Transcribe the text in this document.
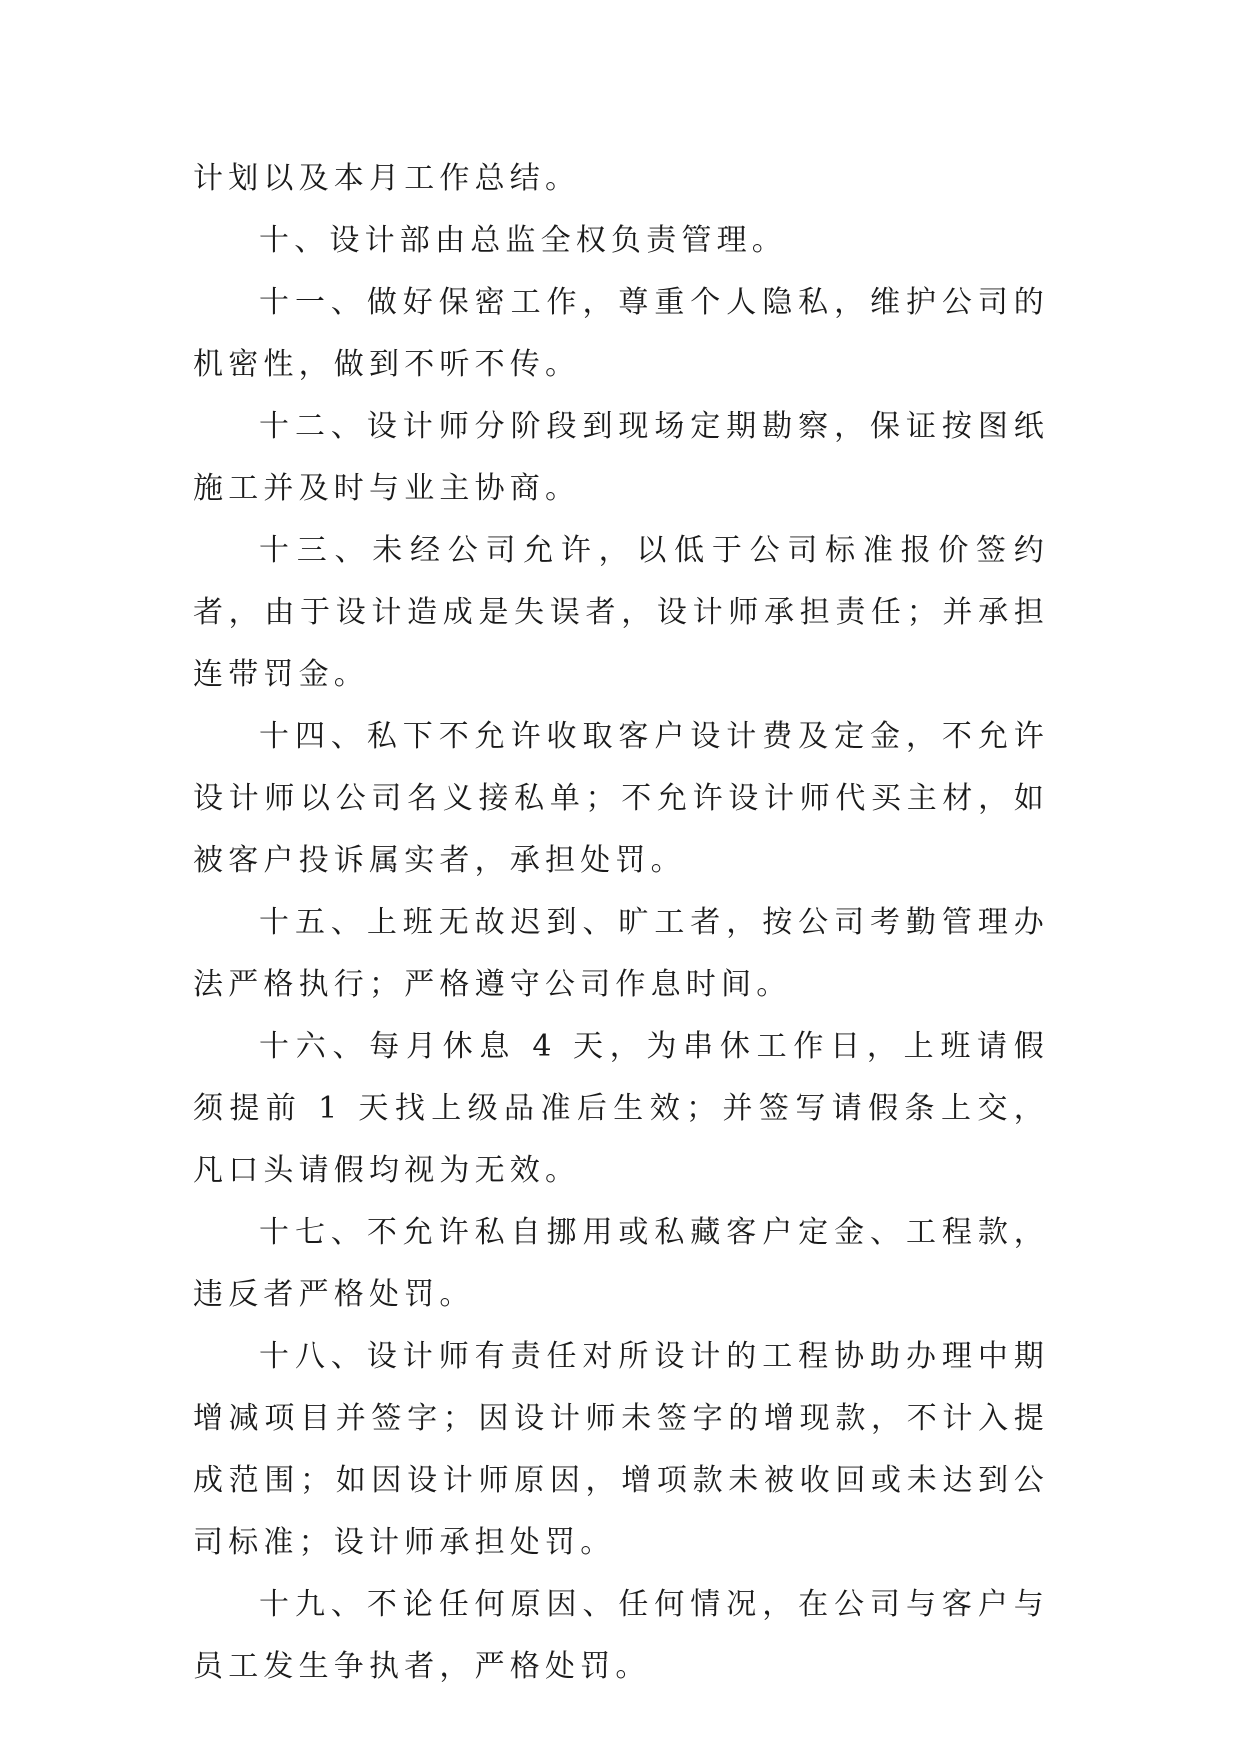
计划以及本月工作总结。

十、设计部由总监全权负责管理。

十一、做好保密工作，尊重个人隐私，维护公司的机密性，做到不听不传。

十二、设计师分阶段到现场定期勘察，保证按图纸施工并及时与业主协商。

十三、未经公司允许，以低于公司标准报价签约者，由于设计造成是失误者，设计师承担责任；并承担连带罚金。

十四、私下不允许收取客户设计费及定金，不允许设计师以公司名义接私单；不允许设计师代买主材，如被客户投诉属实者，承担处罚。

十五、上班无故迟到、旷工者，按公司考勤管理办法严格执行；严格遵守公司作息时间。

十六、每月休息 4 天，为串休工作日，上班请假须提前 1 天找上级品准后生效；并签写请假条上交，凡口头请假均视为无效。

十七、不允许私自挪用或私藏客户定金、工程款，违反者严格处罚。

十八、设计师有责任对所设计的工程协助办理中期增减项目并签字；因设计师未签字的增现款，不计入提成范围；如因设计师原因，增项款未被收回或未达到公司标准；设计师承担处罚。

十九、不论任何原因、任何情况，在公司与客户与员工发生争执者，严格处罚。
